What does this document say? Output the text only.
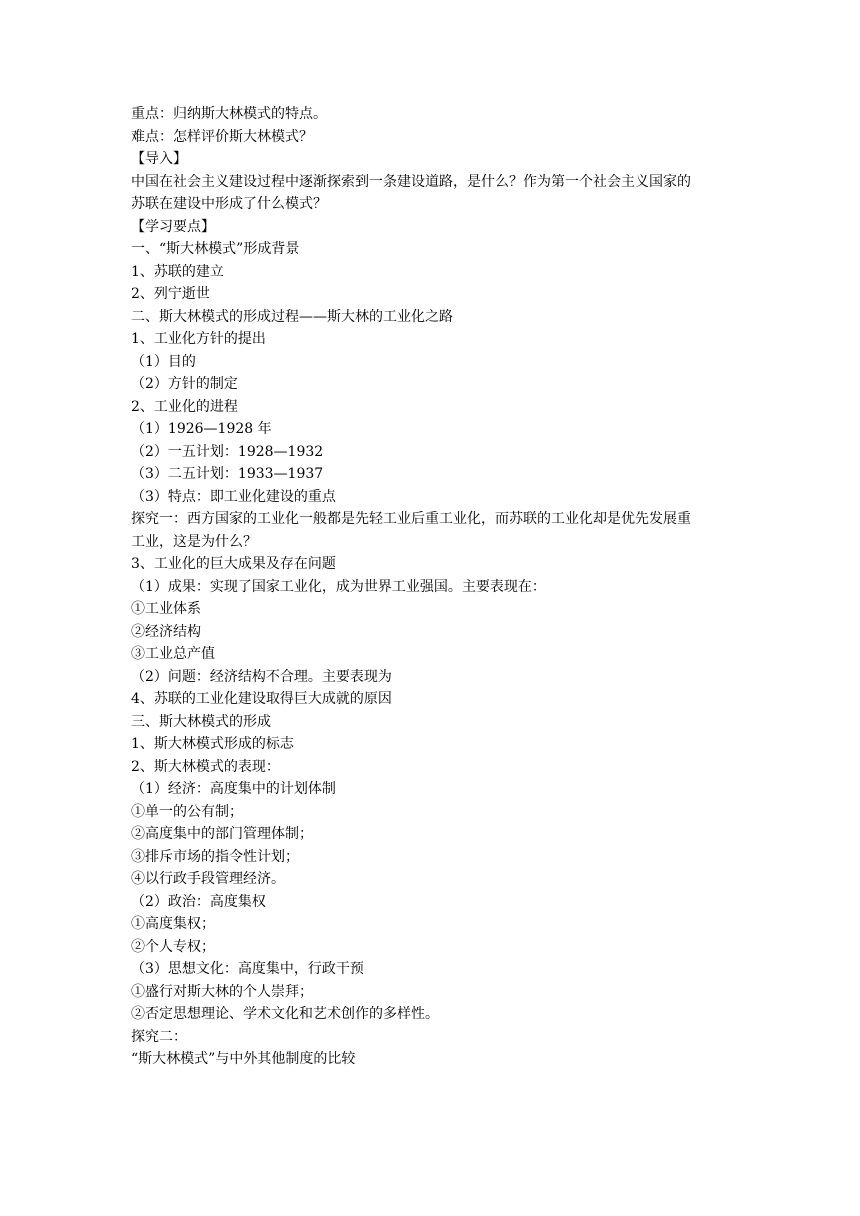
重点：归纳斯大林模式的特点。
难点：怎样评价斯大林模式？
【导入】
中国在社会主义建设过程中逐渐探索到一条建设道路，是什么？作为第一个社会主义国家的
苏联在建设中形成了什么模式？
【学习要点】
一、“斯大林模式”形成背景
1、苏联的建立
2、列宁逝世
二、斯大林模式的形成过程——斯大林的工业化之路
1、工业化方针的提出
（1）目的
（2）方针的制定
2、工业化的进程
（1）1926—1928 年
（2）一五计划：1928—1932
（3）二五计划：1933—1937
（3）特点：即工业化建设的重点
探究一：西方国家的工业化一般都是先轻工业后重工业化，而苏联的工业化却是优先发展重
工业，这是为什么？
3、工业化的巨大成果及存在问题
（1）成果：实现了国家工业化，成为世界工业强国。主要表现在：
①工业体系
②经济结构
③工业总产值
（2）问题：经济结构不合理。主要表现为
4、苏联的工业化建设取得巨大成就的原因
三、斯大林模式的形成
1、斯大林模式形成的标志
2、斯大林模式的表现：
（1）经济：高度集中的计划体制
①单一的公有制；
②高度集中的部门管理体制；
③排斥市场的指令性计划；
④以行政手段管理经济。
（2）政治：高度集权
①高度集权；
②个人专权；
（3）思想文化：高度集中，行政干预
①盛行对斯大林的个人崇拜；
②否定思想理论、学术文化和艺术创作的多样性。
探究二：
“斯大林模式”与中外其他制度的比较
